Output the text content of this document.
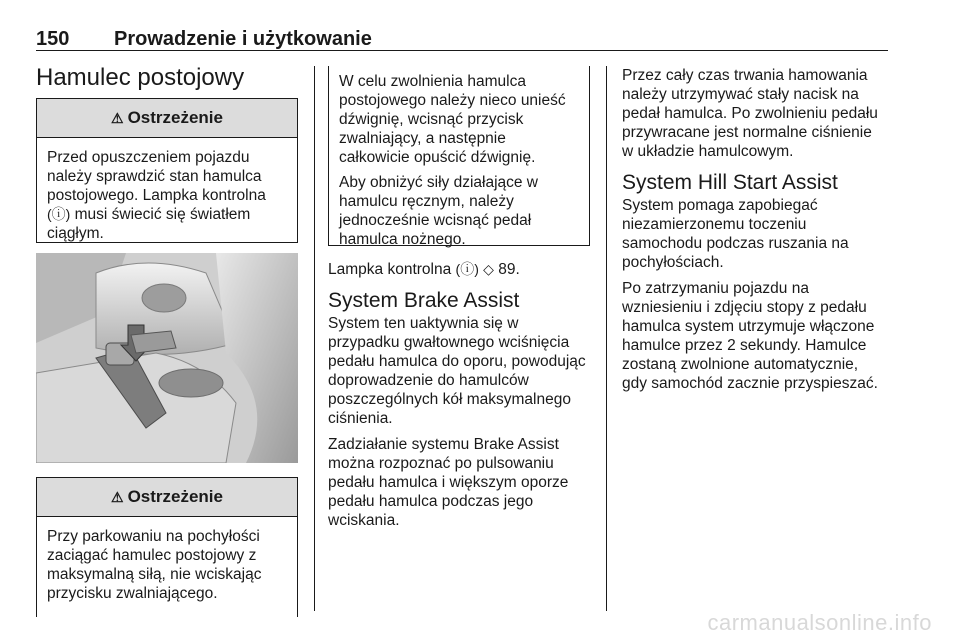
150 Prowadzenie i użytkowanie
Hamulec postojowy
⚠ Ostrzeżenie

Przed opuszczeniem pojazdu

należy sprawdzić stan hamulca

postojowego. Lampka kontrolna

(ⓘ) musi świecić się światłem

ciągłym.

⚠ Ostrzeżenie

Przy parkowaniu na pochyłości

zaciągać hamulec postojowy z

maksymalną siłą, nie wciskając

przycisku zwalniającego.

W celu zwolnienia hamulca

postojowego należy nieco unieść

dźwignię, wcisnąć przycisk

zwalniający, a następnie

całkowicie opuścić dźwignię.

Aby obniżyć siły działające w

hamulcu ręcznym, należy

jednocześnie wcisnąć pedał

hamulca nożnego.

Lampka kontrolna (ⓘ) ◇ 89.

System Brake Assist

System ten uaktywnia się w
przypadku gwałtownego wciśnięcia
pedału hamulca do oporu, powodując
doprowadzenie do hamulców
poszczególnych kół maksymalnego
ciśnienia.

Zadziałanie systemu Brake Assist
można rozpoznać po pulsowaniu
pedału hamulca i większym oporze
pedału hamulca podczas jego
wciskania.

Przez cały czas trwania hamowania
należy utrzymywać stały nacisk na
pedał hamulca. Po zwolnieniu pedału
przywracane jest normalne ciśnienie
w układzie hamulcowym.

System Hill Start Assist

System pomaga zapobiegać
niezamierzonemu toczeniu
samochodu podczas ruszania na
pochyłościach.

Po zatrzymaniu pojazdu na
wzniesieniu i zdjęciu stopy z pedału
hamulca system utrzymuje włączone
hamulce przez 2 sekundy. Hamulce
zostaną zwolnione automatycznie,
gdy samochód zacznie przyspieszać.

carmanualsonline.info
